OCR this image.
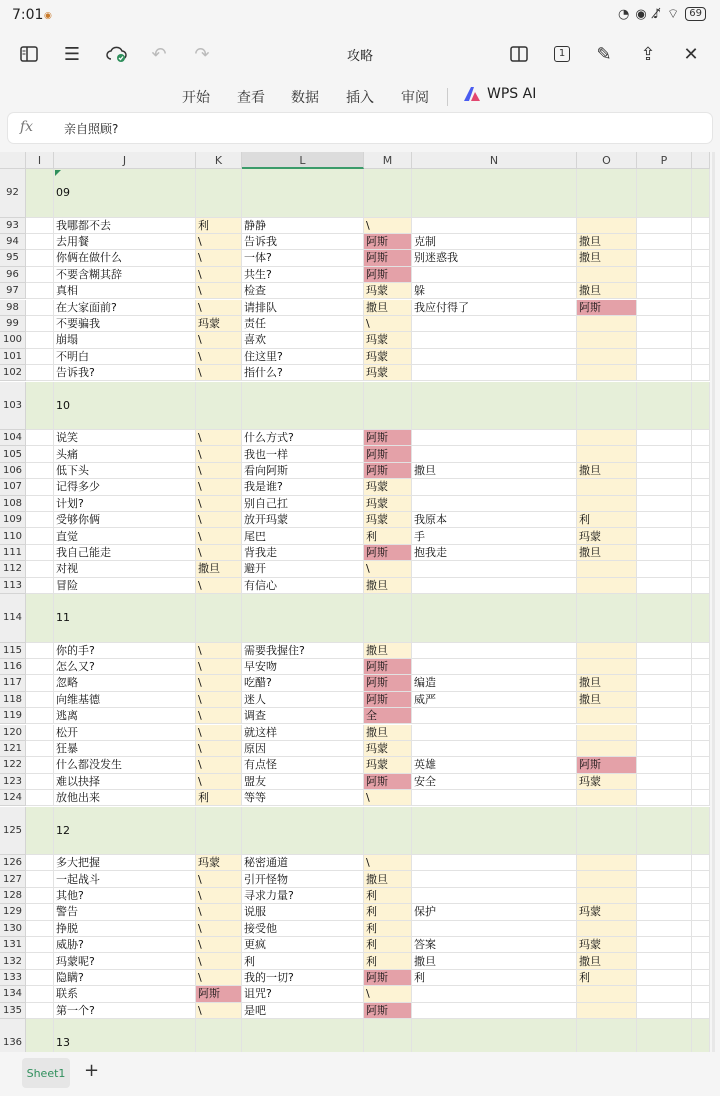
7:01 ◉	◔ ◉ ♪̸ ⌔	69
☰	↶	↷	攻略	1	✎	⇪	✕
开始 查看 数据 插入 审阅	WPS AI
fx	亲自照顾?
I	J	K	L	M	N	O	P
92	09
93	我哪都不去	利	静静	\
94	去用餐	\	告诉我	阿斯	克制	撒旦
95	你俩在做什么	\	一体?	阿斯	别迷惑我	撒旦
96	不要含糊其辞	\	共生?	阿斯
97	真相	\	检查	玛蒙	躲	撒旦
98	在大家面前?	\	请排队	撒旦	我应付得了	阿斯
99	不要骗我	玛蒙	责任	\
100	崩塌	\	喜欢	玛蒙
101	不明白	\	住这里?	玛蒙
102	告诉我?	\	指什么?	玛蒙
103	10
104	说笑	\	什么方式?	阿斯
105	头痛	\	我也一样	阿斯
106	低下头	\	看向阿斯	阿斯	撒旦	撒旦
107	记得多少	\	我是谁?	玛蒙
108	计划?	\	别自己扛	玛蒙
109	受够你俩	\	放开玛蒙	玛蒙	我原本	利
110	直觉	\	尾巴	利	手	玛蒙
111	我自己能走	\	背我走	阿斯	抱我走	撒旦
112	对视	撒旦	避开	\
113	冒险	\	有信心	撒旦
114	11
115	你的手?	\	需要我握住?	撒旦
116	怎么又?	\	早安吻	阿斯
117	忽略	\	吃醋?	阿斯	编造	撒旦
118	向维基德	\	迷人	阿斯	威严	撒旦
119	逃离	\	调查	全
120	松开	\	就这样	撒旦
121	狂暴	\	原因	玛蒙
122	什么都没发生	\	有点怪	玛蒙	英雄	阿斯
123	难以抉择	\	盟友	阿斯	安全	玛蒙
124	放他出来	利	等等	\
125	12
126	多大把握	玛蒙	秘密通道	\
127	一起战斗	\	引开怪物	撒旦
128	其他?	\	寻求力量?	利
129	警告	\	说服	利	保护	玛蒙
130	挣脱	\	接受他	利
131	威胁?	\	更疯	利	答案	玛蒙
132	玛蒙呢?	\	利	利	撒旦	撒旦
133	隐瞒?	\	我的一切?	阿斯	利	利
134	联系	阿斯	诅咒?	\
135	第一个?	\	是吧	阿斯
136	13
Sheet1 +
